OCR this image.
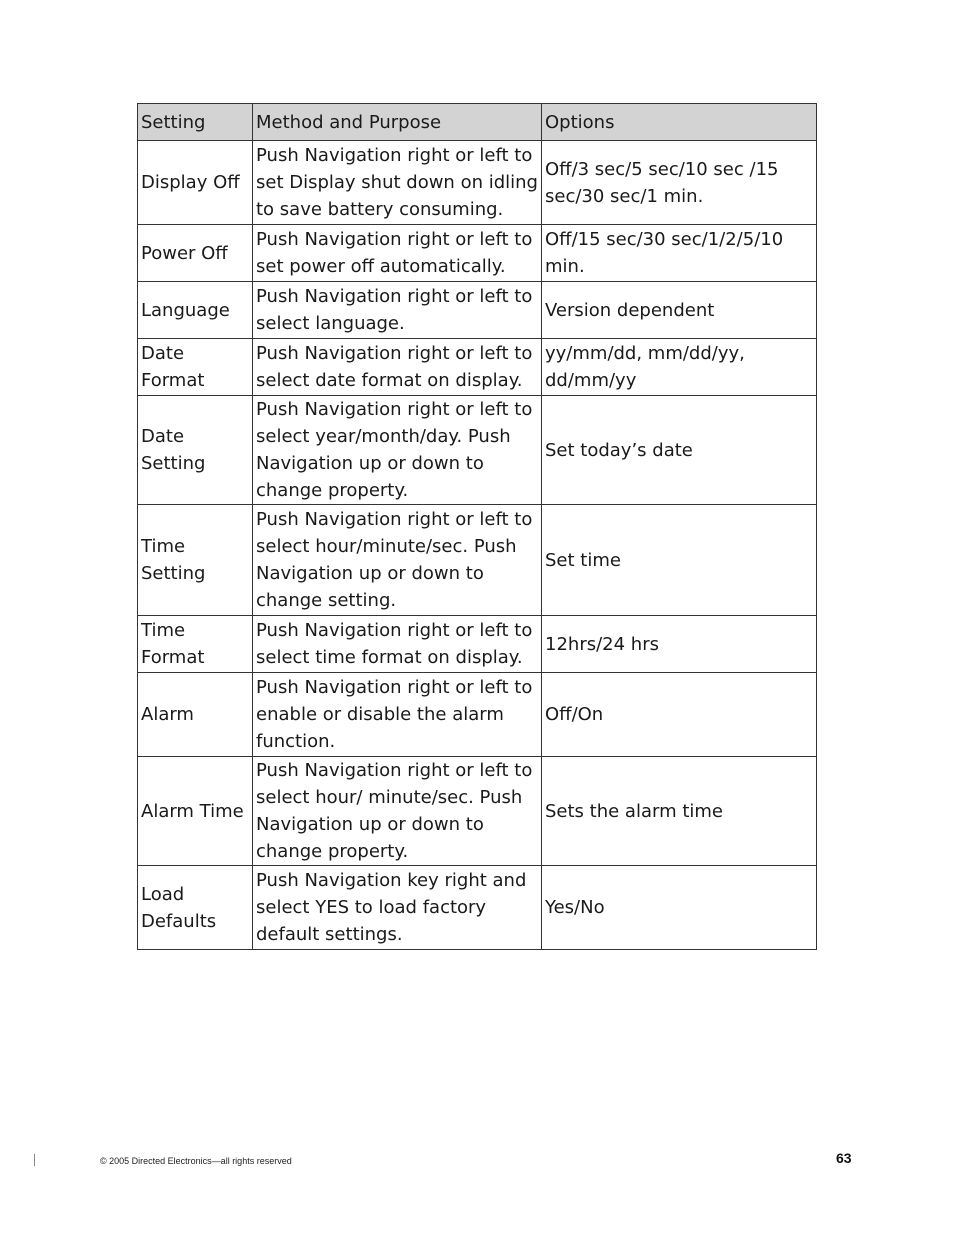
Setting	Method and Purpose	Options
Display Off	Push Navigation right or left to set Display shut down on idling to save battery consuming.	Off/3 sec/5 sec/10 sec /15 sec/30 sec/1 min.
Power Off	Push Navigation right or left to set power off automatically.	Off/15 sec/30 sec/1/2/5/10 min.
Language	Push Navigation right or left to select language.	Version dependent
Date Format	Push Navigation right or left to select date format on display.	yy/mm/dd, mm/dd/yy, dd/mm/yy
Date Setting	Push Navigation right or left to select year/month/day. Push Navigation up or down to change property.	Set today’s date
Time Setting	Push Navigation right or left to select hour/minute/sec. Push Navigation up or down to change setting.	Set time
Time Format	Push Navigation right or left to select time format on display.	12hrs/24 hrs
Alarm	Push Navigation right or left to enable or disable the alarm function.	Off/On
Alarm Time	Push Navigation right or left to select hour/ minute/sec. Push Navigation up or down to change property.	Sets the alarm time
Load Defaults	Push Navigation key right and select YES to load factory default settings.	Yes/No
© 2005 Directed Electronics—all rights reserved	63
